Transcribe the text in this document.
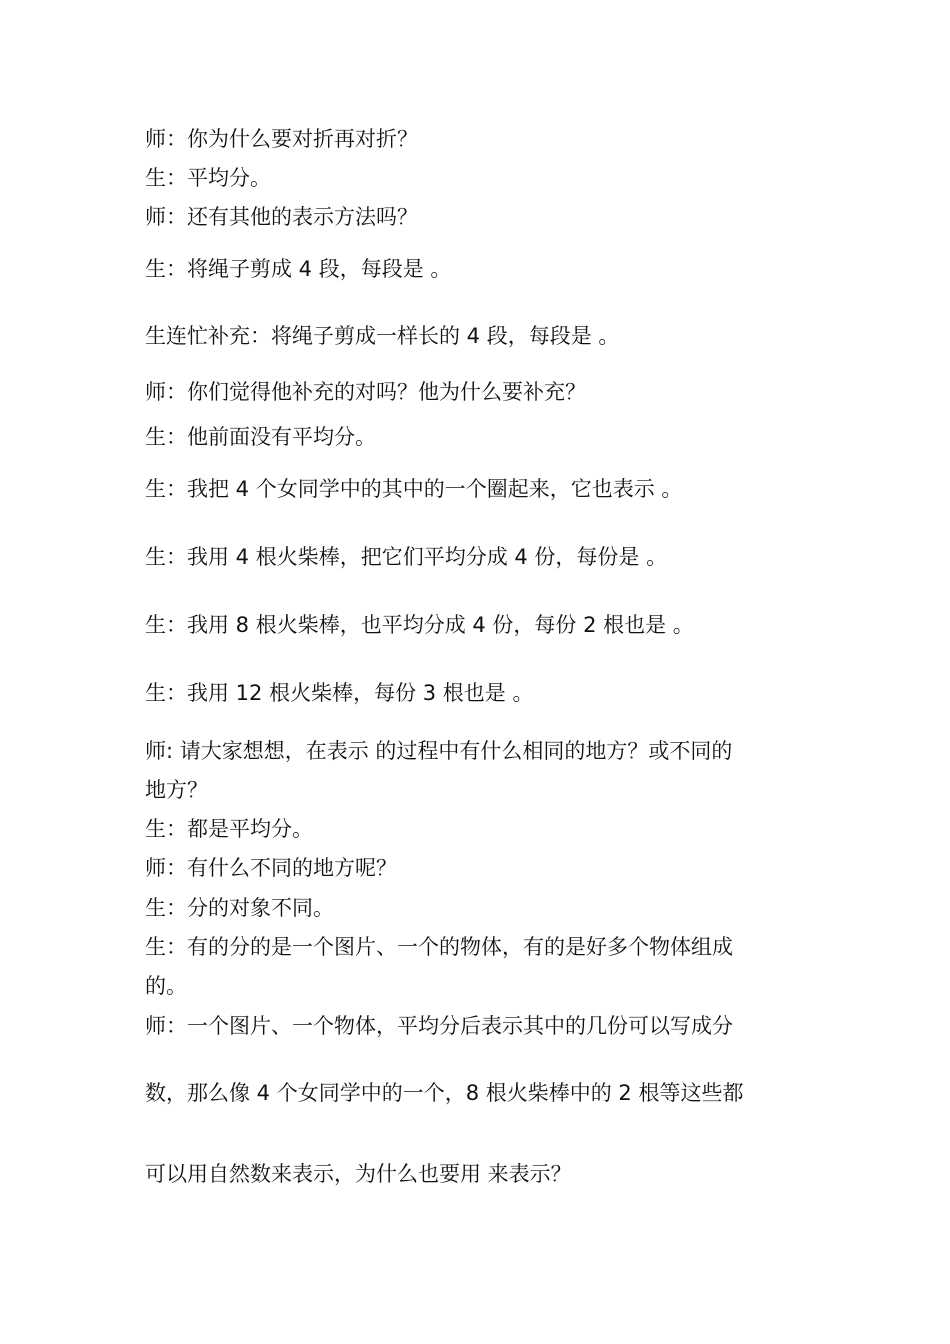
师：你为什么要对折再对折？
生：平均分。
师：还有其他的表示方法吗？
生：将绳子剪成 4 段，每段是 。
生连忙补充：将绳子剪成一样长的 4 段，每段是 。
师：你们觉得他补充的对吗？他为什么要补充？
生：他前面没有平均分。
生：我把 4 个女同学中的其中的一个圈起来，它也表示 。
生：我用 4 根火柴棒，把它们平均分成 4 份，每份是 。
生：我用 8 根火柴棒，也平均分成 4 份，每份 2 根也是 。
生：我用 12 根火柴棒，每份 3 根也是 。
师: 请大家想想，在表示 的过程中有什么相同的地方？或不同的
地方？
生：都是平均分。
师：有什么不同的地方呢？
生：分的对象不同。
生：有的分的是一个图片、一个的物体，有的是好多个物体组成
的。
师：一个图片、一个物体，平均分后表示其中的几份可以写成分
数，那么像 4 个女同学中的一个，8 根火柴棒中的 2 根等这些都
可以用自然数来表示，为什么也要用 来表示？
